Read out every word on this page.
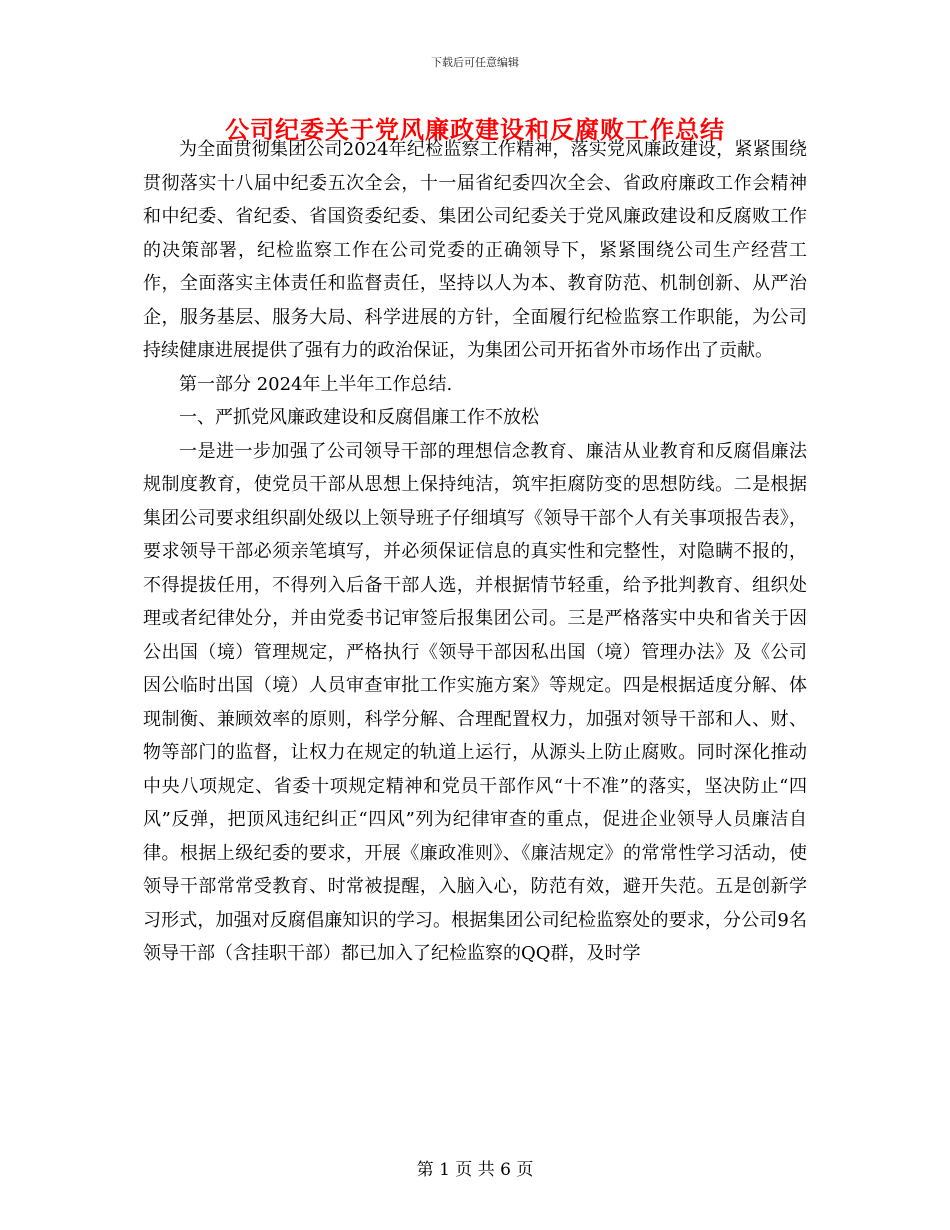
下载后可任意编辑
公司纪委关于党风廉政建设和反腐败工作总结

为全面贯彻集团公司2024年纪检监察工作精神，落实党风廉政建设，紧紧围绕贯彻落实十八届中纪委五次全会，十一届省纪委四次全会、省政府廉政工作会精神和中纪委、省纪委、省国资委纪委、集团公司纪委关于党风廉政建设和反腐败工作的决策部署，纪检监察工作在公司党委的正确领导下，紧紧围绕公司生产经营工作，全面落实主体责任和监督责任，坚持以人为本、教育防范、机制创新、从严治企，服务基层、服务大局、科学进展的方针，全面履行纪检监察工作职能，为公司持续健康进展提供了强有力的政治保证，为集团公司开拓省外市场作出了贡献。

第一部分 2024年上半年工作总结.

一、严抓党风廉政建设和反腐倡廉工作不放松

一是进一步加强了公司领导干部的理想信念教育、廉洁从业教育和反腐倡廉法规制度教育，使党员干部从思想上保持纯洁，筑牢拒腐防变的思想防线。二是根据集团公司要求组织副处级以上领导班子仔细填写《领导干部个人有关事项报告表》，要求领导干部必须亲笔填写，并必须保证信息的真实性和完整性，对隐瞒不报的，不得提拔任用，不得列入后备干部人选，并根据情节轻重，给予批判教育、组织处理或者纪律处分，并由党委书记审签后报集团公司。三是严格落实中央和省关于因公出国（境）管理规定，严格执行《领导干部因私出国（境）管理办法》及《公司因公临时出国（境）人员审查审批工作实施方案》等规定。四是根据适度分解、体现制衡、兼顾效率的原则，科学分解、合理配置权力，加强对领导干部和人、财、物等部门的监督，让权力在规定的轨道上运行，从源头上防止腐败。同时深化推动中央八项规定、省委十项规定精神和党员干部作风“十不准”的落实，坚决防止“四风”反弹，把顶风违纪纠正“四风”列为纪律审查的重点，促进企业领导人员廉洁自律。根据上级纪委的要求，开展《廉政准则》、《廉洁规定》的常常性学习活动，使领导干部常常受教育、时常被提醒，入脑入心，防范有效，避开失范。五是创新学习形式，加强对反腐倡廉知识的学习。根据集团公司纪检监察处的要求，分公司9名领导干部（含挂职干部）都已加入了纪检监察的QQ群，及时学

第 1 页 共 6 页
